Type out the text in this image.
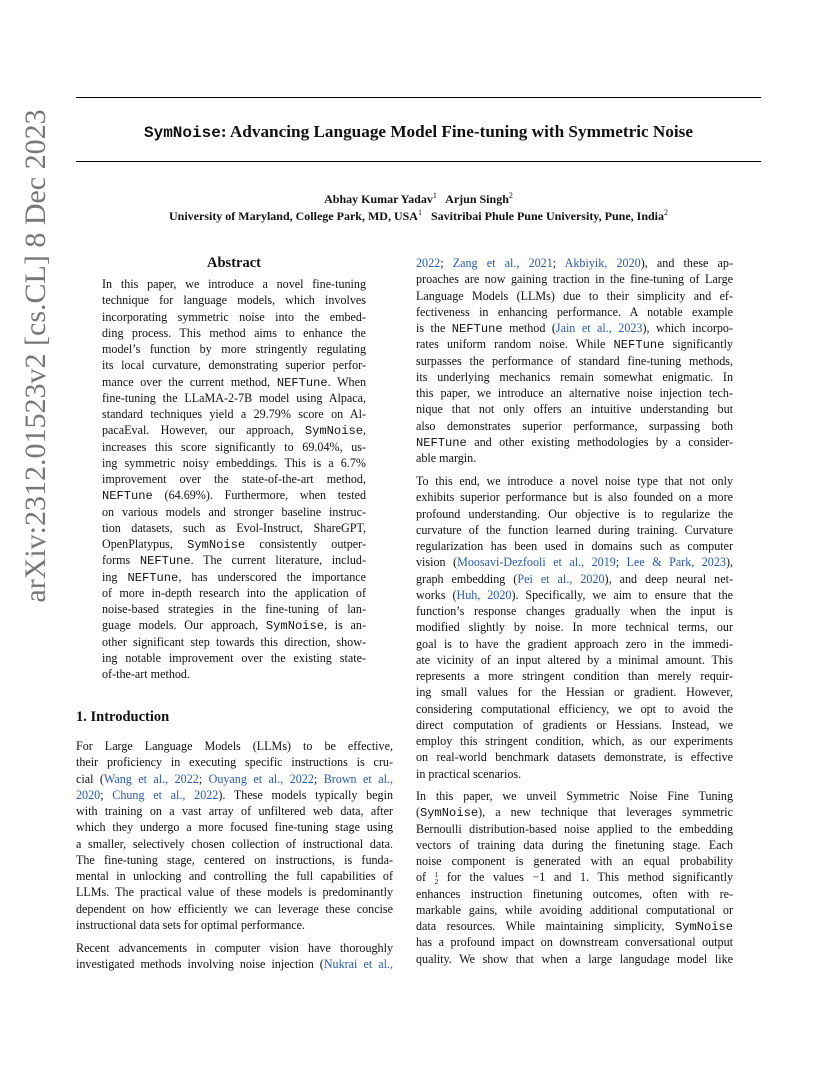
SymNoise: Advancing Language Model Fine-tuning with Symmetric Noise
Abhay Kumar Yadav$^1$ Arjun Singh$^2$
University of Maryland, College Park, MD, USA$^1$ Savitribai Phule Pune University, Pune, India$^2$
arXiv:2312.01523v2 [cs.CL] 8 Dec 2023	Abstract
In this paper, we introduce a novel fine-tuning
technique for language models, which involves
incorporating symmetric noise into the embed-
ding process. This method aims to enhance the
model’s function by more stringently regulating
its local curvature, demonstrating superior perfor-
mance over the current method, NEFTune. When
fine-tuning the LLaMA-2-7B model using Alpaca,
standard techniques yield a 29.79% score on Al-
pacaEval. However, our approach, SymNoise,
increases this score significantly to 69.04%, us-
ing symmetric noisy embeddings. This is a 6.7%
improvement over the state-of-the-art method,
NEFTune (64.69%). Furthermore, when tested
on various models and stronger baseline instruc-
tion datasets, such as Evol-Instruct, ShareGPT,
OpenPlatypus, SymNoise consistently outper-
forms NEFTune. The current literature, includ-
ing NEFTune, has underscored the importance
of more in-depth research into the application of
noise-based strategies in the fine-tuning of lan-
guage models. Our approach, SymNoise, is an-
other significant step towards this direction, show-
ing notable improvement over the existing state-
of-the-art method.
1. Introduction
For Large Language Models (LLMs) to be effective,
their proficiency in executing specific instructions is cru-
cial (Wang et al., 2022; Ouyang et al., 2022; Brown et al.,
2020; Chung et al., 2022). These models typically begin
with training on a vast array of unfiltered web data, after
which they undergo a more focused fine-tuning stage using
a smaller, selectively chosen collection of instructional data.
The fine-tuning stage, centered on instructions, is funda-
mental in unlocking and controlling the full capabilities of
LLMs. The practical value of these models is predominantly
dependent on how efficiently we can leverage these concise
instructional data sets for optimal performance.
Recent advancements in computer vision have thoroughly
investigated methods involving noise injection (Nukrai et al.,
2022; Zang et al., 2021; Akbiyik, 2020), and these ap-
proaches are now gaining traction in the fine-tuning of Large
Language Models (LLMs) due to their simplicity and ef-
fectiveness in enhancing performance. A notable example
is the NEFTune method (Jain et al., 2023), which incorpo-
rates uniform random noise. While NEFTune significantly
surpasses the performance of standard fine-tuning methods,
its underlying mechanics remain somewhat enigmatic. In
this paper, we introduce an alternative noise injection tech-
nique that not only offers an intuitive understanding but
also demonstrates superior performance, surpassing both
NEFTune and other existing methodologies by a consider-
able margin.
To this end, we introduce a novel noise type that not only
exhibits superior performance but is also founded on a more
profound understanding. Our objective is to regularize the
curvature of the function learned during training. Curvature
regularization has been used in domains such as computer
vision (Moosavi-Dezfooli et al., 2019; Lee & Park, 2023),
graph embedding (Pei et al., 2020), and deep neural net-
works (Huh, 2020). Specifically, we aim to ensure that the
function’s response changes gradually when the input is
modified slightly by noise. In more technical terms, our
goal is to have the gradient approach zero in the immedi-
ate vicinity of an input altered by a minimal amount. This
represents a more stringent condition than merely requir-
ing small values for the Hessian or gradient. However,
considering computational efficiency, we opt to avoid the
direct computation of gradients or Hessians. Instead, we
employ this stringent condition, which, as our experiments
on real-world benchmark datasets demonstrate, is effective
in practical scenarios.
In this paper, we unveil Symmetric Noise Fine Tuning
(SymNoise), a new technique that leverages symmetric
Bernoulli distribution-based noise applied to the embedding
vectors of training data during the finetuning stage. Each
noise component is generated with an equal probability
of 1
2 for the values −1 and 1. This method significantly
enhances instruction finetuning outcomes, often with re-
markable gains, while avoiding additional computational or
data resources. While maintaining simplicity, SymNoise
has a profound impact on downstream conversational output
quality. We show that when a large langudage model like
